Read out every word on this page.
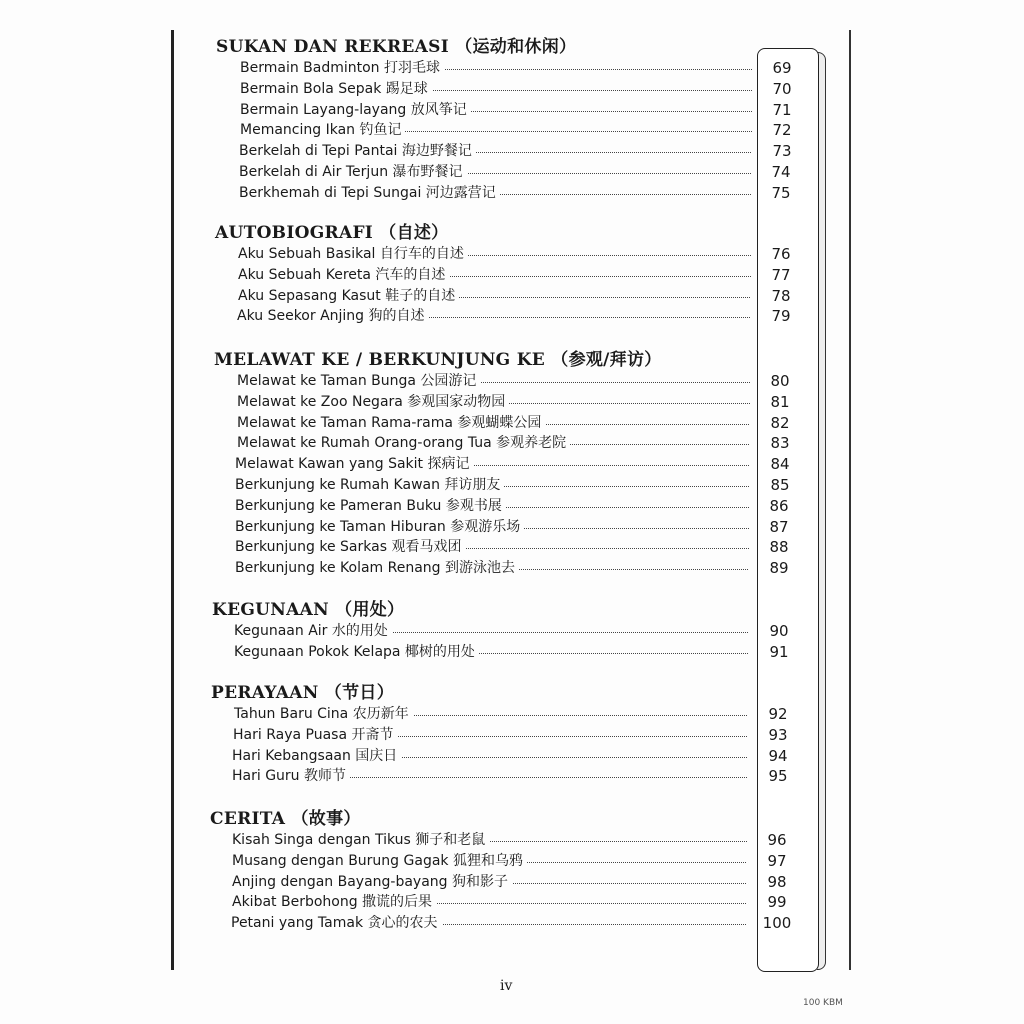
SUKAN DAN REKREASI （运动和休闲）
Bermain Badminton 打羽毛球	69
Bermain Bola Sepak 踢足球	70
Bermain Layang-layang 放风筝记	71
Memancing Ikan 钓鱼记	72
Berkelah di Tepi Pantai 海边野餐记	73
Berkelah di Air Terjun 瀑布野餐记	74
Berkhemah di Tepi Sungai 河边露营记	75
AUTOBIOGRAFI （自述）
Aku Sebuah Basikal 自行车的自述	76
Aku Sebuah Kereta 汽车的自述	77
Aku Sepasang Kasut 鞋子的自述	78
Aku Seekor Anjing 狗的自述	79
MELAWAT KE / BERKUNJUNG KE （参观/拜访）
Melawat ke Taman Bunga 公园游记	80
Melawat ke Zoo Negara 参观国家动物园	81
Melawat ke Taman Rama-rama 参观蝴蝶公园	82
Melawat ke Rumah Orang-orang Tua 参观养老院	83
Melawat Kawan yang Sakit 探病记	84
Berkunjung ke Rumah Kawan 拜访朋友	85
Berkunjung ke Pameran Buku 参观书展	86
Berkunjung ke Taman Hiburan 参观游乐场	87
Berkunjung ke Sarkas 观看马戏团	88
Berkunjung ke Kolam Renang 到游泳池去	89
KEGUNAAN （用处）
Kegunaan Air 水的用处	90
Kegunaan Pokok Kelapa 椰树的用处	91
PERAYAAN （节日）
Tahun Baru Cina 农历新年	92
Hari Raya Puasa 开斋节	93
Hari Kebangsaan 国庆日	94
Hari Guru 教师节	95
CERITA （故事）
Kisah Singa dengan Tikus 狮子和老鼠	96
Musang dengan Burung Gagak 狐狸和乌鸦	97
Anjing dengan Bayang-bayang 狗和影子	98
Akibat Berbohong 撒谎的后果	99
Petani yang Tamak 贪心的农夫	100
iv
100 KBM
